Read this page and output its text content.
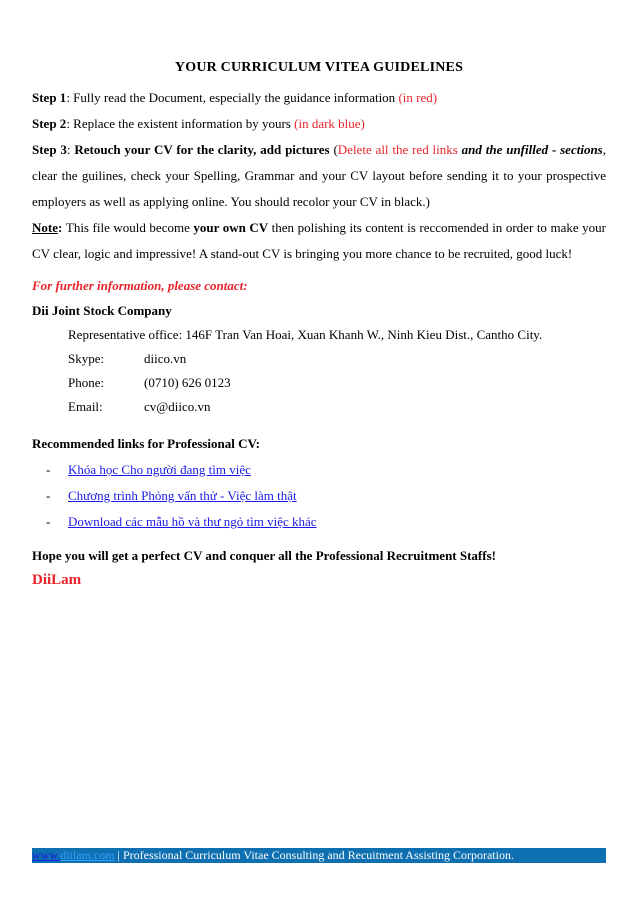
YOUR CURRICULUM VITEA GUIDELINES

Step 1: Fully read the Document, especially the guidance information (in red)

Step 2: Replace the existent information by yours (in dark blue)

Step 3: Retouch your CV for the clarity, add pictures (Delete all the red links and the unfilled - sections, clear the guilines, check your Spelling, Grammar and your CV layout before sending it to your prospective employers as well as applying online. You should recolor your CV in black.)

Note: This file would become your own CV then polishing its content is reccomended in order to make your CV clear, logic and impressive! A stand-out CV is bringing you more chance to be recruited, good luck!

For further information, please contact:
Dii Joint Stock Company
Representative office: 146F Tran Van Hoai, Xuan Khanh W., Ninh Kieu Dist., Cantho City.
Skype:	diico.vn
Phone:	(0710) 626 0123
Email:	cv@diico.vn
Recommended links for Professional CV:
-	Khóa học Cho người đang tìm việc
-	Chương trình Phỏng vấn thử - Việc làm thật
-	Download các mẫu hồ và thư ngỏ tìm việc khác
Hope you will get a perfect CV and conquer all the Professional Recruitment Staffs!
DiiLam
www.diilam.com | Professional Curriculum Vitae Consulting and Recuitment Assisting Corporation.
